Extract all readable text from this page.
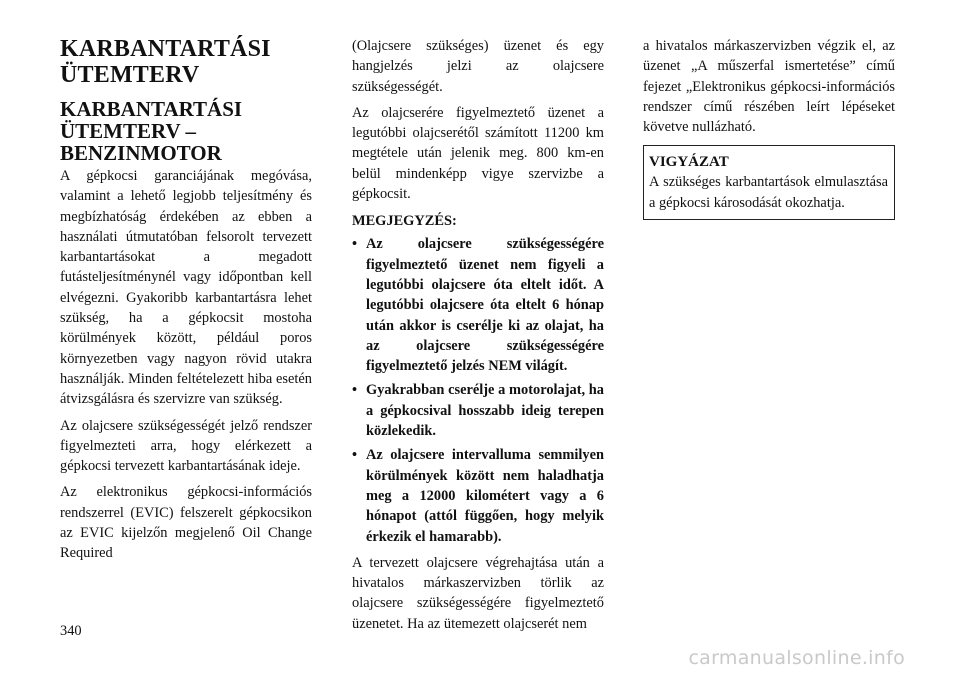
KARBANTARTÁSI ÜTEMTERV
KARBANTARTÁSI ÜTEMTERV – BENZINMOTOR

A gépkocsi garanciájának megóvása, valamint a lehető legjobb teljesítmény és megbízhatóság érdekében az ebben a használati útmutatóban felsorolt tervezett karbantartásokat a megadott futásteljesítménynél vagy időpontban kell elvégezni. Gyakoribb karbantartásra lehet szükség, ha a gépkocsit mostoha körülmények között, például poros környezetben vagy nagyon rövid utakra használják. Minden feltételezett hiba esetén átvizsgálásra és szervizre van szükség.

Az olajcsere szükségességét jelző rendszer figyelmezteti arra, hogy elérkezett a gépkocsi tervezett karbantartásának ideje.

Az elektronikus gépkocsi-információs rendszerrel (EVIC) felszerelt gépkocsikon az EVIC kijelzőn megjelenő Oil Change Required

(Olajcsere szükséges) üzenet és egy hangjelzés jelzi az olajcsere szükségességét.

Az olajcserére figyelmeztető üzenet a legutóbbi olajcserétől számított 11200 km megtétele után jelenik meg. 800 km-en belül mindenképp vigye szervizbe a gépkocsit.

MEGJEGYZÉS:
• Az olajcsere szükségességére figyelmeztető üzenet nem figyeli a legutóbbi olajcsere óta eltelt időt. A legutóbbi olajcsere óta eltelt 6 hónap után akkor is cserélje ki az olajat, ha az olajcsere szükségességére figyelmeztető jelzés NEM világít.
• Gyakrabban cserélje a motorolajat, ha a gépkocsival hosszabb ideig terepen közlekedik.
• Az olajcsere intervalluma semmilyen körülmények között nem haladhatja meg a 12000 kilométert vagy a 6 hónapot (attól függően, hogy melyik érkezik el hamarabb).

A tervezett olajcsere végrehajtása után a hivatalos márkaszervizben törlik az olajcsere szükségességére figyelmeztető üzenetet. Ha az ütemezett olajcserét nem

a hivatalos márkaszervizben végzik el, az üzenet „A műszerfal ismertetése” című fejezet „Elektronikus gépkocsi-információs rendszer című részében leírt lépéseket követve nullázható.

VIGYÁZAT
A szükséges karbantartások elmulasztása a gépkocsi károsodását okozhatja.
340
carmanualsonline.info
